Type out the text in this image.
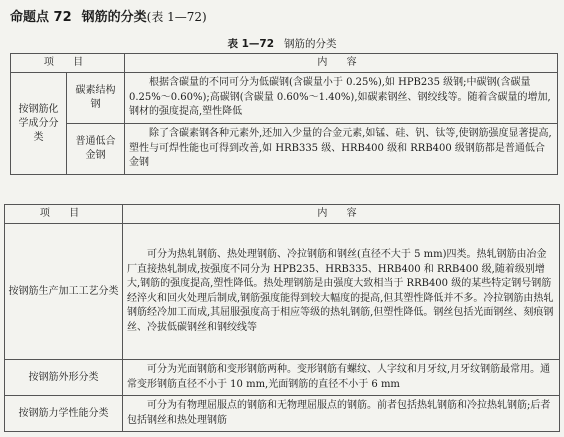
命题点 72 钢筋的分类(表 1—72)
表 1—72 钢筋的分类
项 目		内 容
按钢筋化学成分分类	碳素结构钢	根据含碳量的不同可分为低碳钢(含碳量小于 0.25%),如 HPB235 级钢;中碳钢(含碳量 0.25%～0.60%);高碳钢(含碳量 0.60%～1.40%),如碳素钢丝、钢绞线等。随着含碳量的增加,钢材的强度提高,塑性降低
	普通低合金钢	除了含碳素钢各种元素外,还加入少量的合金元素,如锰、硅、钒、钛等,使钢筋强度显著提高,塑性与可焊性能也可得到改善,如 HRB335 级、HRB400 级和 RRB400 级钢筋都是普通低合金钢
项 目	内 容
按钢筋生产加工工艺分类	可分为热轧钢筋、热处理钢筋、冷拉钢筋和钢丝(直径不大于 5 mm)四类。热轧钢筋由冶金厂直接热轧制成,按强度不同分为 HPB235、HRB335、HRB400 和 RRB400 级,随着级别增大,钢筋的强度提高,塑性降低。热处理钢筋是由强度大致相当于 RRB400 级的某些特定钢号钢筋经淬火和回火处理后制成,钢筋强度能得到较大幅度的提高,但其塑性降低并不多。冷拉钢筋由热轧钢筋经冷加工而成,其屈服强度高于相应等级的热轧钢筋,但塑性降低。钢丝包括光面钢丝、刻痕钢丝、冷拔低碳钢丝和钢绞线等
按钢筋外形分类	可分为光面钢筋和变形钢筋两种。变形钢筋有螺纹、人字纹和月牙纹,月牙纹钢筋最常用。通常变形钢筋直径不小于 10 mm,光面钢筋的直径不小于 6 mm
按钢筋力学性能分类	可分为有物理屈服点的钢筋和无物理屈服点的钢筋。前者包括热轧钢筋和冷拉热轧钢筋;后者包括钢丝和热处理钢筋
